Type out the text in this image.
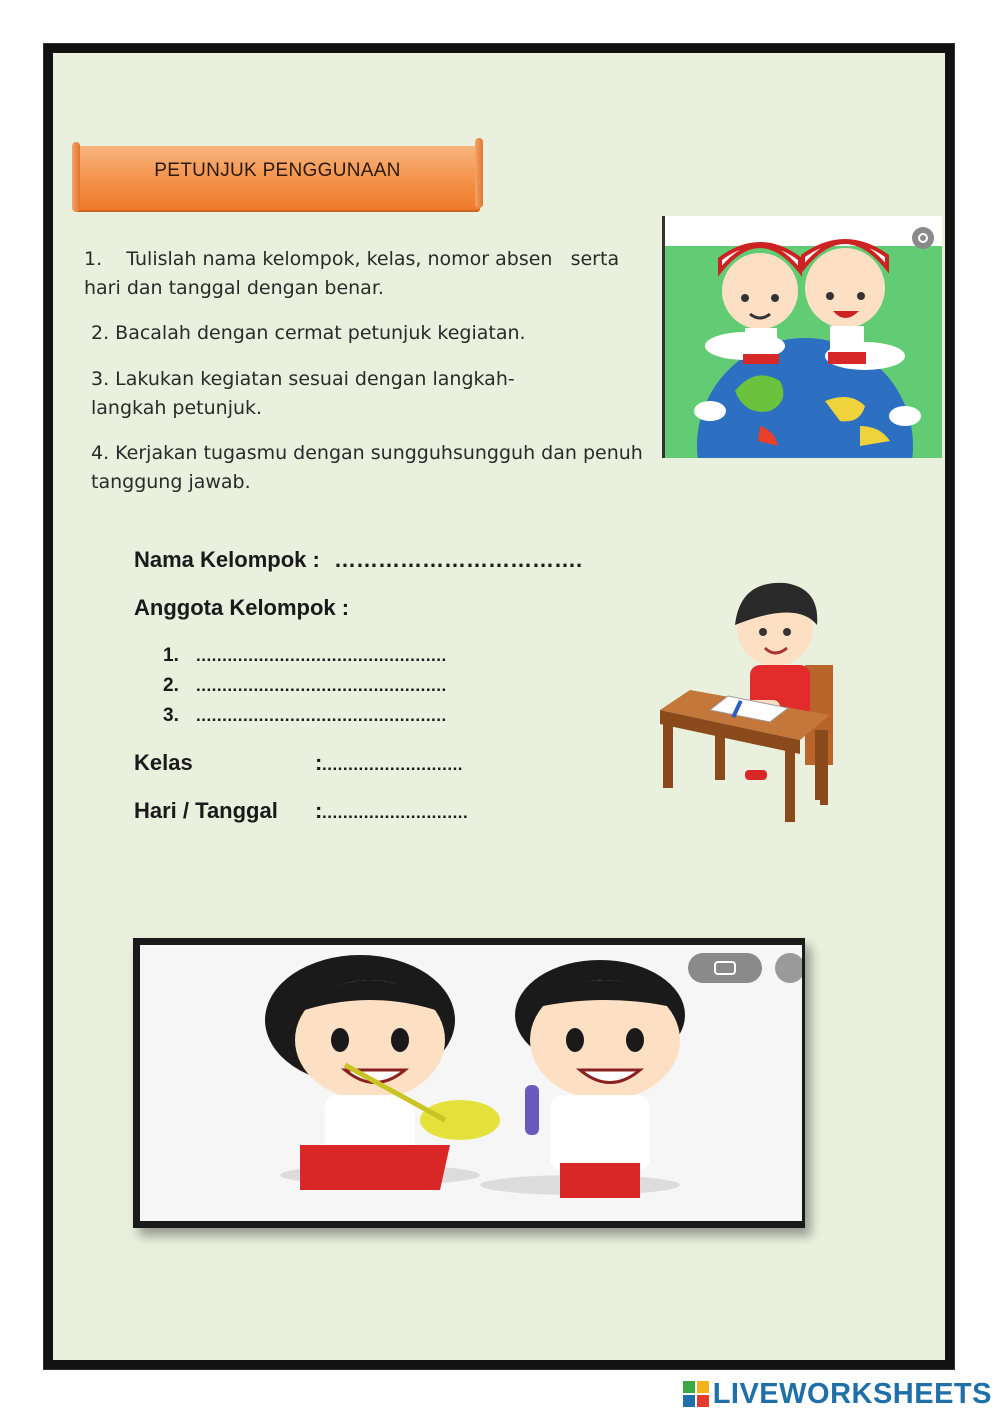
PETUNJUK PENGGUNAAN
1.    Tulislah nama kelompok, kelas, nomor absen   serta
hari dan tanggal dengan benar.
2. Bacalah dengan cermat petunjuk kegiatan.
3. Lakukan kegiatan sesuai dengan langkah-
langkah petunjuk.
4. Kerjakan tugasmu dengan sungguhsungguh dan penuh
tanggung jawab.
Nama Kelompok : …………………………….
Anggota Kelompok :
1. ................................................
2. ................................................
3. ................................................
Kelas	: ...........................
Hari / Tanggal : ............................
LIVEWORKSHEETS
